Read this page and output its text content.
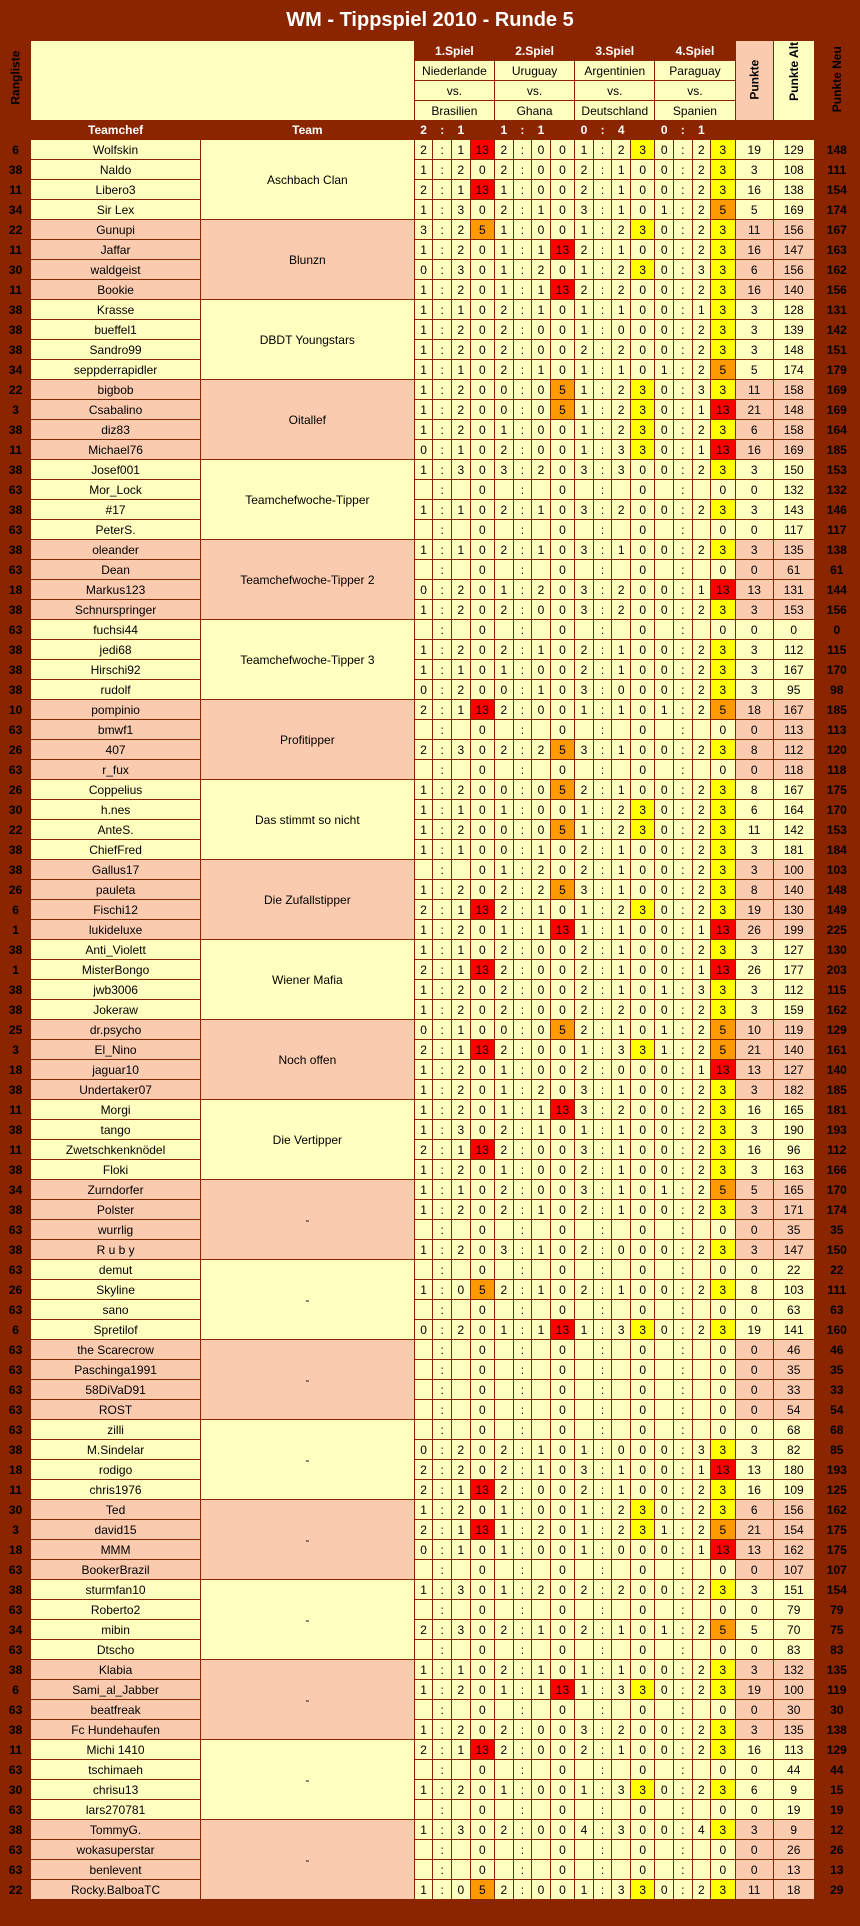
WM - Tippspiel 2010 - Runde 5
Rangliste			1.Spiel				2.Spiel				3.Spiel				4.Spiel				Punkte	Punkte Alt	Punkte Neu

			Niederlande				Uruguay				Argentinien				Paraguay						
			vs.				vs.				vs.				vs.						
			Brasilien				Ghana				Deutschland				Spanien						
	Teamchef	Team	2	:	1		1	:	1		0	:	4		0	:	1				
6	Wolfskin	Aschbach Clan	2	:	1	13	2	:	0	0	1	:	2	3	0	:	2	3	19	129	148
38	Naldo		1	:	2	0	2	:	0	0	2	:	1	0	0	:	2	3	3	108	111
11	Libero3		2	:	1	13	1	:	0	0	2	:	1	0	0	:	2	3	16	138	154
34	Sir Lex		1	:	3	0	2	:	1	0	3	:	1	0	1	:	2	5	5	169	174
22	Gunupi	Blunzn	3	:	2	5	1	:	0	0	1	:	2	3	0	:	2	3	11	156	167
11	Jaffar		1	:	2	0	1	:	1	13	2	:	1	0	0	:	2	3	16	147	163
30	waldgeist		0	:	3	0	1	:	2	0	1	:	2	3	0	:	3	3	6	156	162
11	Bookie		1	:	2	0	1	:	1	13	2	:	2	0	0	:	2	3	16	140	156
38	Krasse	DBDT Youngstars	1	:	1	0	2	:	1	0	1	:	1	0	0	:	1	3	3	128	131
38	bueffel1		1	:	2	0	2	:	0	0	1	:	0	0	0	:	2	3	3	139	142
38	Sandro99		1	:	2	0	2	:	0	0	2	:	2	0	0	:	2	3	3	148	151
34	seppderrapidler		1	:	1	0	2	:	1	0	1	:	1	0	1	:	2	5	5	174	179
22	bigbob	Oitallef	1	:	2	0	0	:	0	5	1	:	2	3	0	:	3	3	11	158	169
3	Csabalino		1	:	2	0	0	:	0	5	1	:	2	3	0	:	1	13	21	148	169
38	diz83		1	:	2	0	1	:	0	0	1	:	2	3	0	:	2	3	6	158	164
11	Michael76		0	:	1	0	2	:	0	0	1	:	3	3	0	:	1	13	16	169	185
38	Josef001	Teamchefwoche-Tipper	1	:	3	0	3	:	2	0	3	:	3	0	0	:	2	3	3	150	153
63	Mor_Lock			:		0		:		0		:		0		:		0	0	132	132
38	#17		1	:	1	0	2	:	1	0	3	:	2	0	0	:	2	3	3	143	146
63	PeterS.			:		0		:		0		:		0		:		0	0	117	117
38	oleander	Teamchefwoche-Tipper 2	1	:	1	0	2	:	1	0	3	:	1	0	0	:	2	3	3	135	138
63	Dean			:		0		:		0		:		0		:		0	0	61	61
18	Markus123		0	:	2	0	1	:	2	0	3	:	2	0	0	:	1	13	13	131	144
38	Schnurspringer		1	:	2	0	2	:	0	0	3	:	2	0	0	:	2	3	3	153	156
63	fuchsi44	Teamchefwoche-Tipper 3		:		0		:		0		:		0		:		0	0	0	0
38	jedi68		1	:	2	0	2	:	1	0	2	:	1	0	0	:	2	3	3	112	115
38	Hirschi92		1	:	1	0	1	:	0	0	2	:	1	0	0	:	2	3	3	167	170
38	rudolf		0	:	2	0	0	:	1	0	3	:	0	0	0	:	2	3	3	95	98
10	pompinio	Profitipper	2	:	1	13	2	:	0	0	1	:	1	0	1	:	2	5	18	167	185
63	bmwf1			:		0		:		0		:		0		:		0	0	113	113
26	407		2	:	3	0	2	:	2	5	3	:	1	0	0	:	2	3	8	112	120
63	r_fux			:		0		:		0		:		0		:		0	0	118	118
26	Coppelius	Das stimmt so nicht	1	:	2	0	0	:	0	5	2	:	1	0	0	:	2	3	8	167	175
30	h.nes		1	:	1	0	1	:	0	0	1	:	2	3	0	:	2	3	6	164	170
22	AnteS.		1	:	2	0	0	:	0	5	1	:	2	3	0	:	2	3	11	142	153
38	ChiefFred		1	:	1	0	0	:	1	0	2	:	1	0	0	:	2	3	3	181	184
38	Gallus17	Die Zufallstipper		:		0	1	:	2	0	2	:	1	0	0	:	2	3	3	100	103
26	pauleta		1	:	2	0	2	:	2	5	3	:	1	0	0	:	2	3	8	140	148
6	Fischi12		2	:	1	13	2	:	1	0	1	:	2	3	0	:	2	3	19	130	149
1	lukideluxe		1	:	2	0	1	:	1	13	1	:	1	0	0	:	1	13	26	199	225
38	Anti_Violett	Wiener Mafia	1	:	1	0	2	:	0	0	2	:	1	0	0	:	2	3	3	127	130
1	MisterBongo		2	:	1	13	2	:	0	0	2	:	1	0	0	:	1	13	26	177	203
38	jwb3006		1	:	2	0	2	:	0	0	2	:	1	0	1	:	3	3	3	112	115
38	Jokeraw		1	:	2	0	2	:	0	0	2	:	2	0	0	:	2	3	3	159	162
25	dr.psycho	Noch offen	0	:	1	0	0	:	0	5	2	:	1	0	1	:	2	5	10	119	129
3	El_Nino		2	:	1	13	2	:	0	0	1	:	3	3	1	:	2	5	21	140	161
18	jaguar10		1	:	2	0	1	:	0	0	2	:	0	0	0	:	1	13	13	127	140
38	Undertaker07		1	:	2	0	1	:	2	0	3	:	1	0	0	:	2	3	3	182	185
11	Morgi	Die Vertipper	1	:	2	0	1	:	1	13	3	:	2	0	0	:	2	3	16	165	181
38	tango		1	:	3	0	2	:	1	0	1	:	1	0	0	:	2	3	3	190	193
11	Zwetschkenknödel		2	:	1	13	2	:	0	0	3	:	1	0	0	:	2	3	16	96	112
38	Floki		1	:	2	0	1	:	0	0	2	:	1	0	0	:	2	3	3	163	166
34	Zurndorfer	-	1	:	1	0	2	:	0	0	3	:	1	0	1	:	2	5	5	165	170
38	Polster		1	:	2	0	2	:	1	0	2	:	1	0	0	:	2	3	3	171	174
63	wurrlig			:		0		:		0		:		0		:		0	0	35	35
38	R u b y		1	:	2	0	3	:	1	0	2	:	0	0	0	:	2	3	3	147	150
63	demut	-		:		0		:		0		:		0		:		0	0	22	22
26	Skyline		1	:	0	5	2	:	1	0	2	:	1	0	0	:	2	3	8	103	111
63	sano			:		0		:		0		:		0		:		0	0	63	63
6	Spretilof		0	:	2	0	1	:	1	13	1	:	3	3	0	:	2	3	19	141	160
63	the Scarecrow	-		:		0		:		0		:		0		:		0	0	46	46
63	Paschinga1991			:		0		:		0		:		0		:		0	0	35	35
63	58DiVaD91			:		0		:		0		:		0		:		0	0	33	33
63	ROST			:		0		:		0		:		0		:		0	0	54	54
63	zilli	-		:		0		:		0		:		0		:		0	0	68	68
38	M.Sindelar		0	:	2	0	2	:	1	0	1	:	0	0	0	:	3	3	3	82	85
18	rodigo		2	:	2	0	2	:	1	0	3	:	1	0	0	:	1	13	13	180	193
11	chris1976		2	:	1	13	2	:	0	0	2	:	1	0	0	:	2	3	16	109	125
30	Ted	-	1	:	2	0	1	:	0	0	1	:	2	3	0	:	2	3	6	156	162
3	david15		2	:	1	13	1	:	2	0	1	:	2	3	1	:	2	5	21	154	175
18	MMM		0	:	1	0	1	:	0	0	1	:	0	0	0	:	1	13	13	162	175
63	BookerBrazil			:		0		:		0		:		0		:		0	0	107	107
38	sturmfan10	-	1	:	3	0	1	:	2	0	2	:	2	0	0	:	2	3	3	151	154
63	Roberto2			:		0		:		0		:		0		:		0	0	79	79
34	mibin		2	:	3	0	2	:	1	0	2	:	1	0	1	:	2	5	5	70	75
63	Dtscho			:		0		:		0		:		0		:		0	0	83	83
38	Klabia	-	1	:	1	0	2	:	1	0	1	:	1	0	0	:	2	3	3	132	135
6	Sami_al_Jabber		1	:	2	0	1	:	1	13	1	:	3	3	0	:	2	3	19	100	119
63	beatfreak			:		0		:		0		:		0		:		0	0	30	30
38	Fc Hundehaufen		1	:	2	0	2	:	0	0	3	:	2	0	0	:	2	3	3	135	138
11	Michi 1410	-	2	:	1	13	2	:	0	0	2	:	1	0	0	:	2	3	16	113	129
63	tschimaeh			:		0		:		0		:		0		:		0	0	44	44
30	chrisu13		1	:	2	0	1	:	0	0	1	:	3	3	0	:	2	3	6	9	15
63	lars270781			:		0		:		0		:		0		:		0	0	19	19
38	TommyG.	-	1	:	3	0	2	:	0	0	4	:	3	0	0	:	4	3	3	9	12
63	wokasuperstar			:		0		:		0		:		0		:		0	0	26	26
63	benlevent			:		0		:		0		:		0		:		0	0	13	13
22	Rocky.BalboaTC		1	:	0	5	2	:	0	0	1	:	3	3	0	:	2	3	11	18	29
